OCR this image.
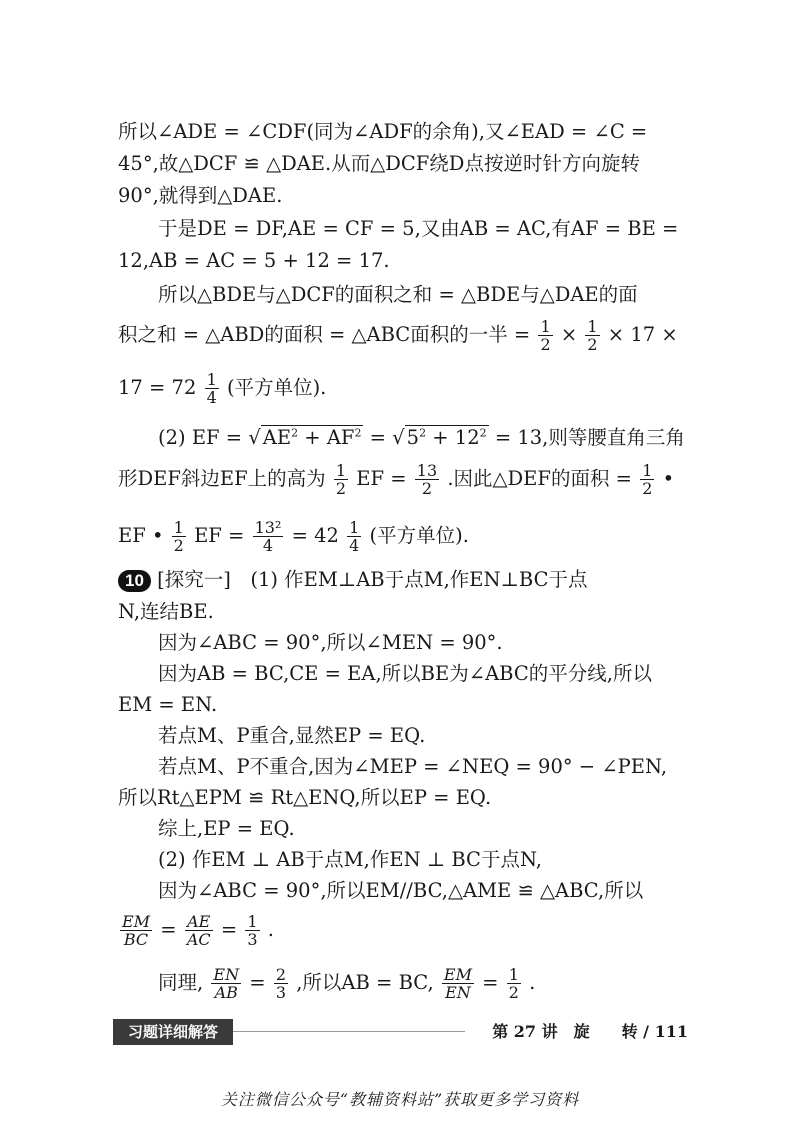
所以∠ADE = ∠CDF(同为∠ADF的余角),又∠EAD = ∠C =
45°,故△DCF ≌ △DAE.从而△DCF绕D点按逆时针方向旋转
90°,就得到△DAE.
于是DE = DF,AE = CF = 5,又由AB = AC,有AF = BE =
12,AB = AC = 5 + 12 = 17.
所以△BDE与△DCF的面积之和 = △BDE与△DAE的面
积之和 = △ABD的面积 = △ABC面积的一半 = $\frac{1}{2} \times \frac{1}{2} \times 17$ ×
$17 = 72 \frac{1}{4}$ (平方单位).
(2) EF = √ $AE^2 + AF^2$ = √ $5^2 + 12^2 = 13$,则等腰直角三角
形DEF斜边EF上的高为 $\frac{1}{2}$ EF = $\frac{13}{2}$ .因此△DEF的面积 = $\frac{1}{2}$ •
EF • $\frac{1}{2}$ EF = $\frac{\text{13²}}{4} = 42 \frac{1}{4}$ (平方单位).
10 [探究一]　(1) 作EM⊥AB于点M,作EN⊥BC于点
N,连结BE.
因为∠ABC = 90°,所以∠MEN = 90°.
因为AB = BC,CE = EA,所以BE为∠ABC的平分线,所以
EM = EN.
若点M、P重合,显然EP = EQ.
若点M、P不重合,因为∠MEP = ∠NEQ = 90° − ∠PEN,
所以Rt△EPM ≌ Rt△ENQ,所以EP = EQ.
综上,EP = EQ.
(2) 作EM ⊥ AB于点M,作EN ⊥ BC于点N,
因为∠ABC = 90°,所以EM//BC,△AME ≌ △ABC,所以
$\frac{EM}{BC} = \frac{AE}{AC} = \frac{1}{3}$ .
同理, $\frac{EN}{AB} = \frac{2}{3}$ ,所以AB = BC, $\frac{EM}{EN} = \frac{1}{2}$ .
习题详细解答	第 27 讲　旋　　转 / 111
关注微信公众号“教辅资料站”获取更多学习资料
